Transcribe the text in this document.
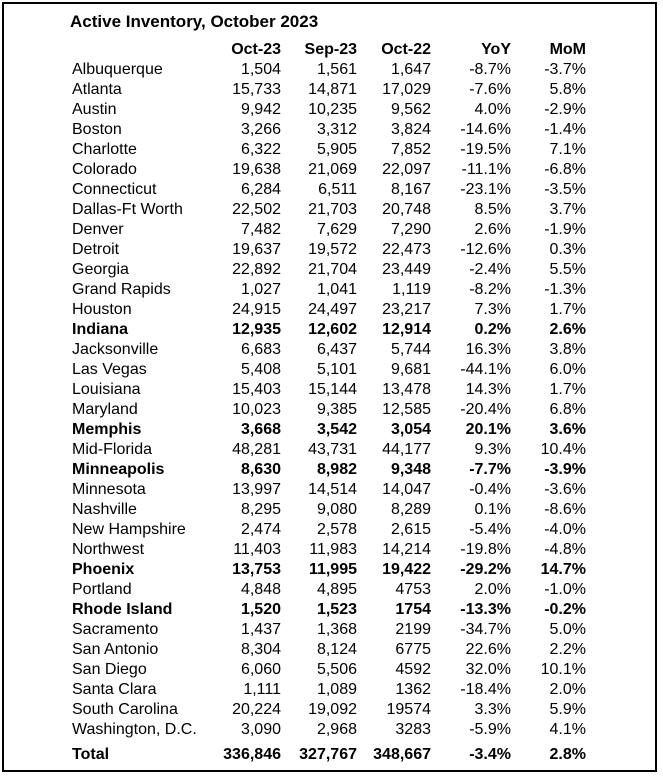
Active Inventory, October 2023
	Oct-23	Sep-23	Oct-22	YoY	MoM
Albuquerque	1,504	1,561	1,647	-8.7%	-3.7%
Atlanta	15,733	14,871	17,029	-7.6%	5.8%
Austin	9,942	10,235	9,562	4.0%	-2.9%
Boston	3,266	3,312	3,824	-14.6%	-1.4%
Charlotte	6,322	5,905	7,852	-19.5%	7.1%
Colorado	19,638	21,069	22,097	-11.1%	-6.8%
Connecticut	6,284	6,511	8,167	-23.1%	-3.5%
Dallas-Ft Worth	22,502	21,703	20,748	8.5%	3.7%
Denver	7,482	7,629	7,290	2.6%	-1.9%
Detroit	19,637	19,572	22,473	-12.6%	0.3%
Georgia	22,892	21,704	23,449	-2.4%	5.5%
Grand Rapids	1,027	1,041	1,119	-8.2%	-1.3%
Houston	24,915	24,497	23,217	7.3%	1.7%
Indiana	12,935	12,602	12,914	0.2%	2.6%
Jacksonville	6,683	6,437	5,744	16.3%	3.8%
Las Vegas	5,408	5,101	9,681	-44.1%	6.0%
Louisiana	15,403	15,144	13,478	14.3%	1.7%
Maryland	10,023	9,385	12,585	-20.4%	6.8%
Memphis	3,668	3,542	3,054	20.1%	3.6%
Mid-Florida	48,281	43,731	44,177	9.3%	10.4%
Minneapolis	8,630	8,982	9,348	-7.7%	-3.9%
Minnesota	13,997	14,514	14,047	-0.4%	-3.6%
Nashville	8,295	9,080	8,289	0.1%	-8.6%
New Hampshire	2,474	2,578	2,615	-5.4%	-4.0%
Northwest	11,403	11,983	14,214	-19.8%	-4.8%
Phoenix	13,753	11,995	19,422	-29.2%	14.7%
Portland	4,848	4,895	4753	2.0%	-1.0%
Rhode Island	1,520	1,523	1754	-13.3%	-0.2%
Sacramento	1,437	1,368	2199	-34.7%	5.0%
San Antonio	8,304	8,124	6775	22.6%	2.2%
San Diego	6,060	5,506	4592	32.0%	10.1%
Santa Clara	1,111	1,089	1362	-18.4%	2.0%
South Carolina	20,224	19,092	19574	3.3%	5.9%
Washington, D.C.	3,090	2,968	3283	-5.9%	4.1%
Total	336,846	327,767	348,667	-3.4%	2.8%
